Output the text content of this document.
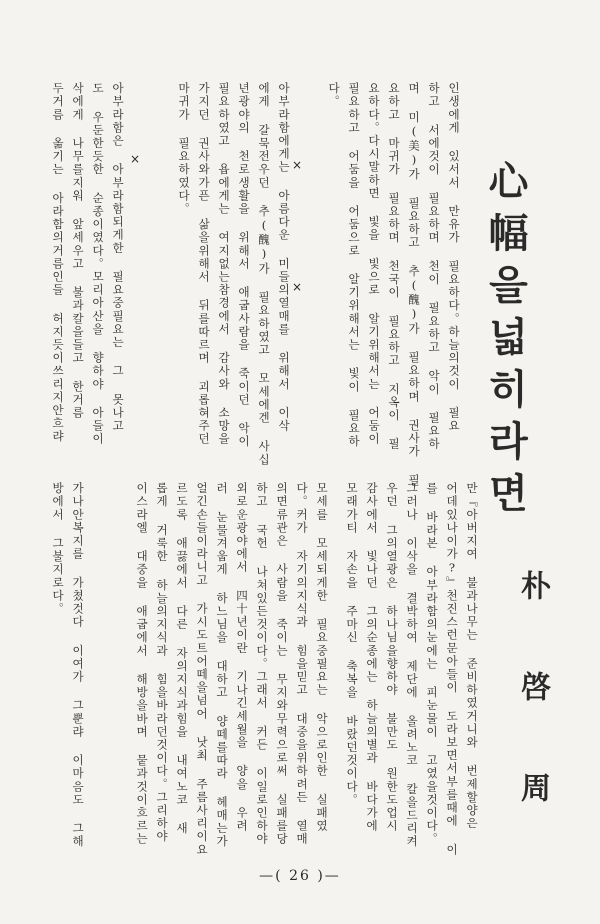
心幅을넓히라면
인생에게 있서서 만유가 필요하다。하늘의것이 필요
하고 서에것이 필요하며 천이 필요하고 악이 필요하
며 미(美)가 필요하고 추(醜)가 필요하며 권사가 필
요하고 마귀가 필요하며 천국이 필요하고 지옥이 필
요하다。다시말하면 빛을 빛으로 알기위해서는 어둠이
필요하고 어둠을 어둠으로 알기위해서는 빛이 필요하
다。
아부라함에게는 아름다운 미들의열매를 위해서 이삭
에게 갈묵전우던 추(醜)가 필요하였고 모세에겐 사십
년광야의 천로생활을 위해서 애굽사람을 죽이던 악이
필요하였고 욥에게는 여지없는참경에서 감사와 소망을
가지던 권사와가픈 삶을위해서 뒤를따르며 괴롭혀주던
마귀가 필요하였다。
아부라함은 아부라함되게한 필요중필요는 그 못나고
도 우둔한듯한 순종이였다。모리아산을 향하야 아들이
삭에게 나무를지워 앞세우고 불과칼을들고 한거름
두거름 옮기는 아라함의거름인들 허지듯이쓰리지안흐랴	×
×
×
朴 啓 周
만『아버지여 불과나무는 준비하였거니와 번제할양은
어데있나이가?』천진스런문아들이 도라보면서부를때에 이
를 바라본 아부라함의눈에는 피눈물이 고였을것이다。
그러나 이삭을 결박하여 제단에 올려노코 칼을드리켜
우던 그의열광은 하나님을향하야 불만도 원한도업시
감사에서 빛나던 그의순종에는 하늘의별과 바다가에
모래가티 자손을 주마신 축복을 바랐던것이다。
모세를 모세되게한 필요중필요는 악으로인한 실패였
다。커가 자기의지식과 힘을믿고 대중을위하려든 열매
의면류관은 사람을 죽이는 무지와무력으로써 실패를당
하고 국헌 나쳐있든것이다。그래서 커든 이일로인하야
외로운광야에서 四十년이란 기나긴세월을 양을 우려
러 눈물겨웁게 하느님을 대하고 양떼를따라 헤매는가
얼긴손들이라니고 가시도트어떼을넘어 낫최 주름사리이요
르도록 애끓에서 다른 자의지식과힘을 내여노코 새
롭게 거룩한 하늘의지식과 힘을바라던것이다。그리하야
이스라엘 대중을 애굽에서 해방을바며 뭍과것이흐르는
가나안복지를 가쳤것다 이여가 그뿐랴 이마음도 그해
방에서 그불지로다。
—( 26 )—
